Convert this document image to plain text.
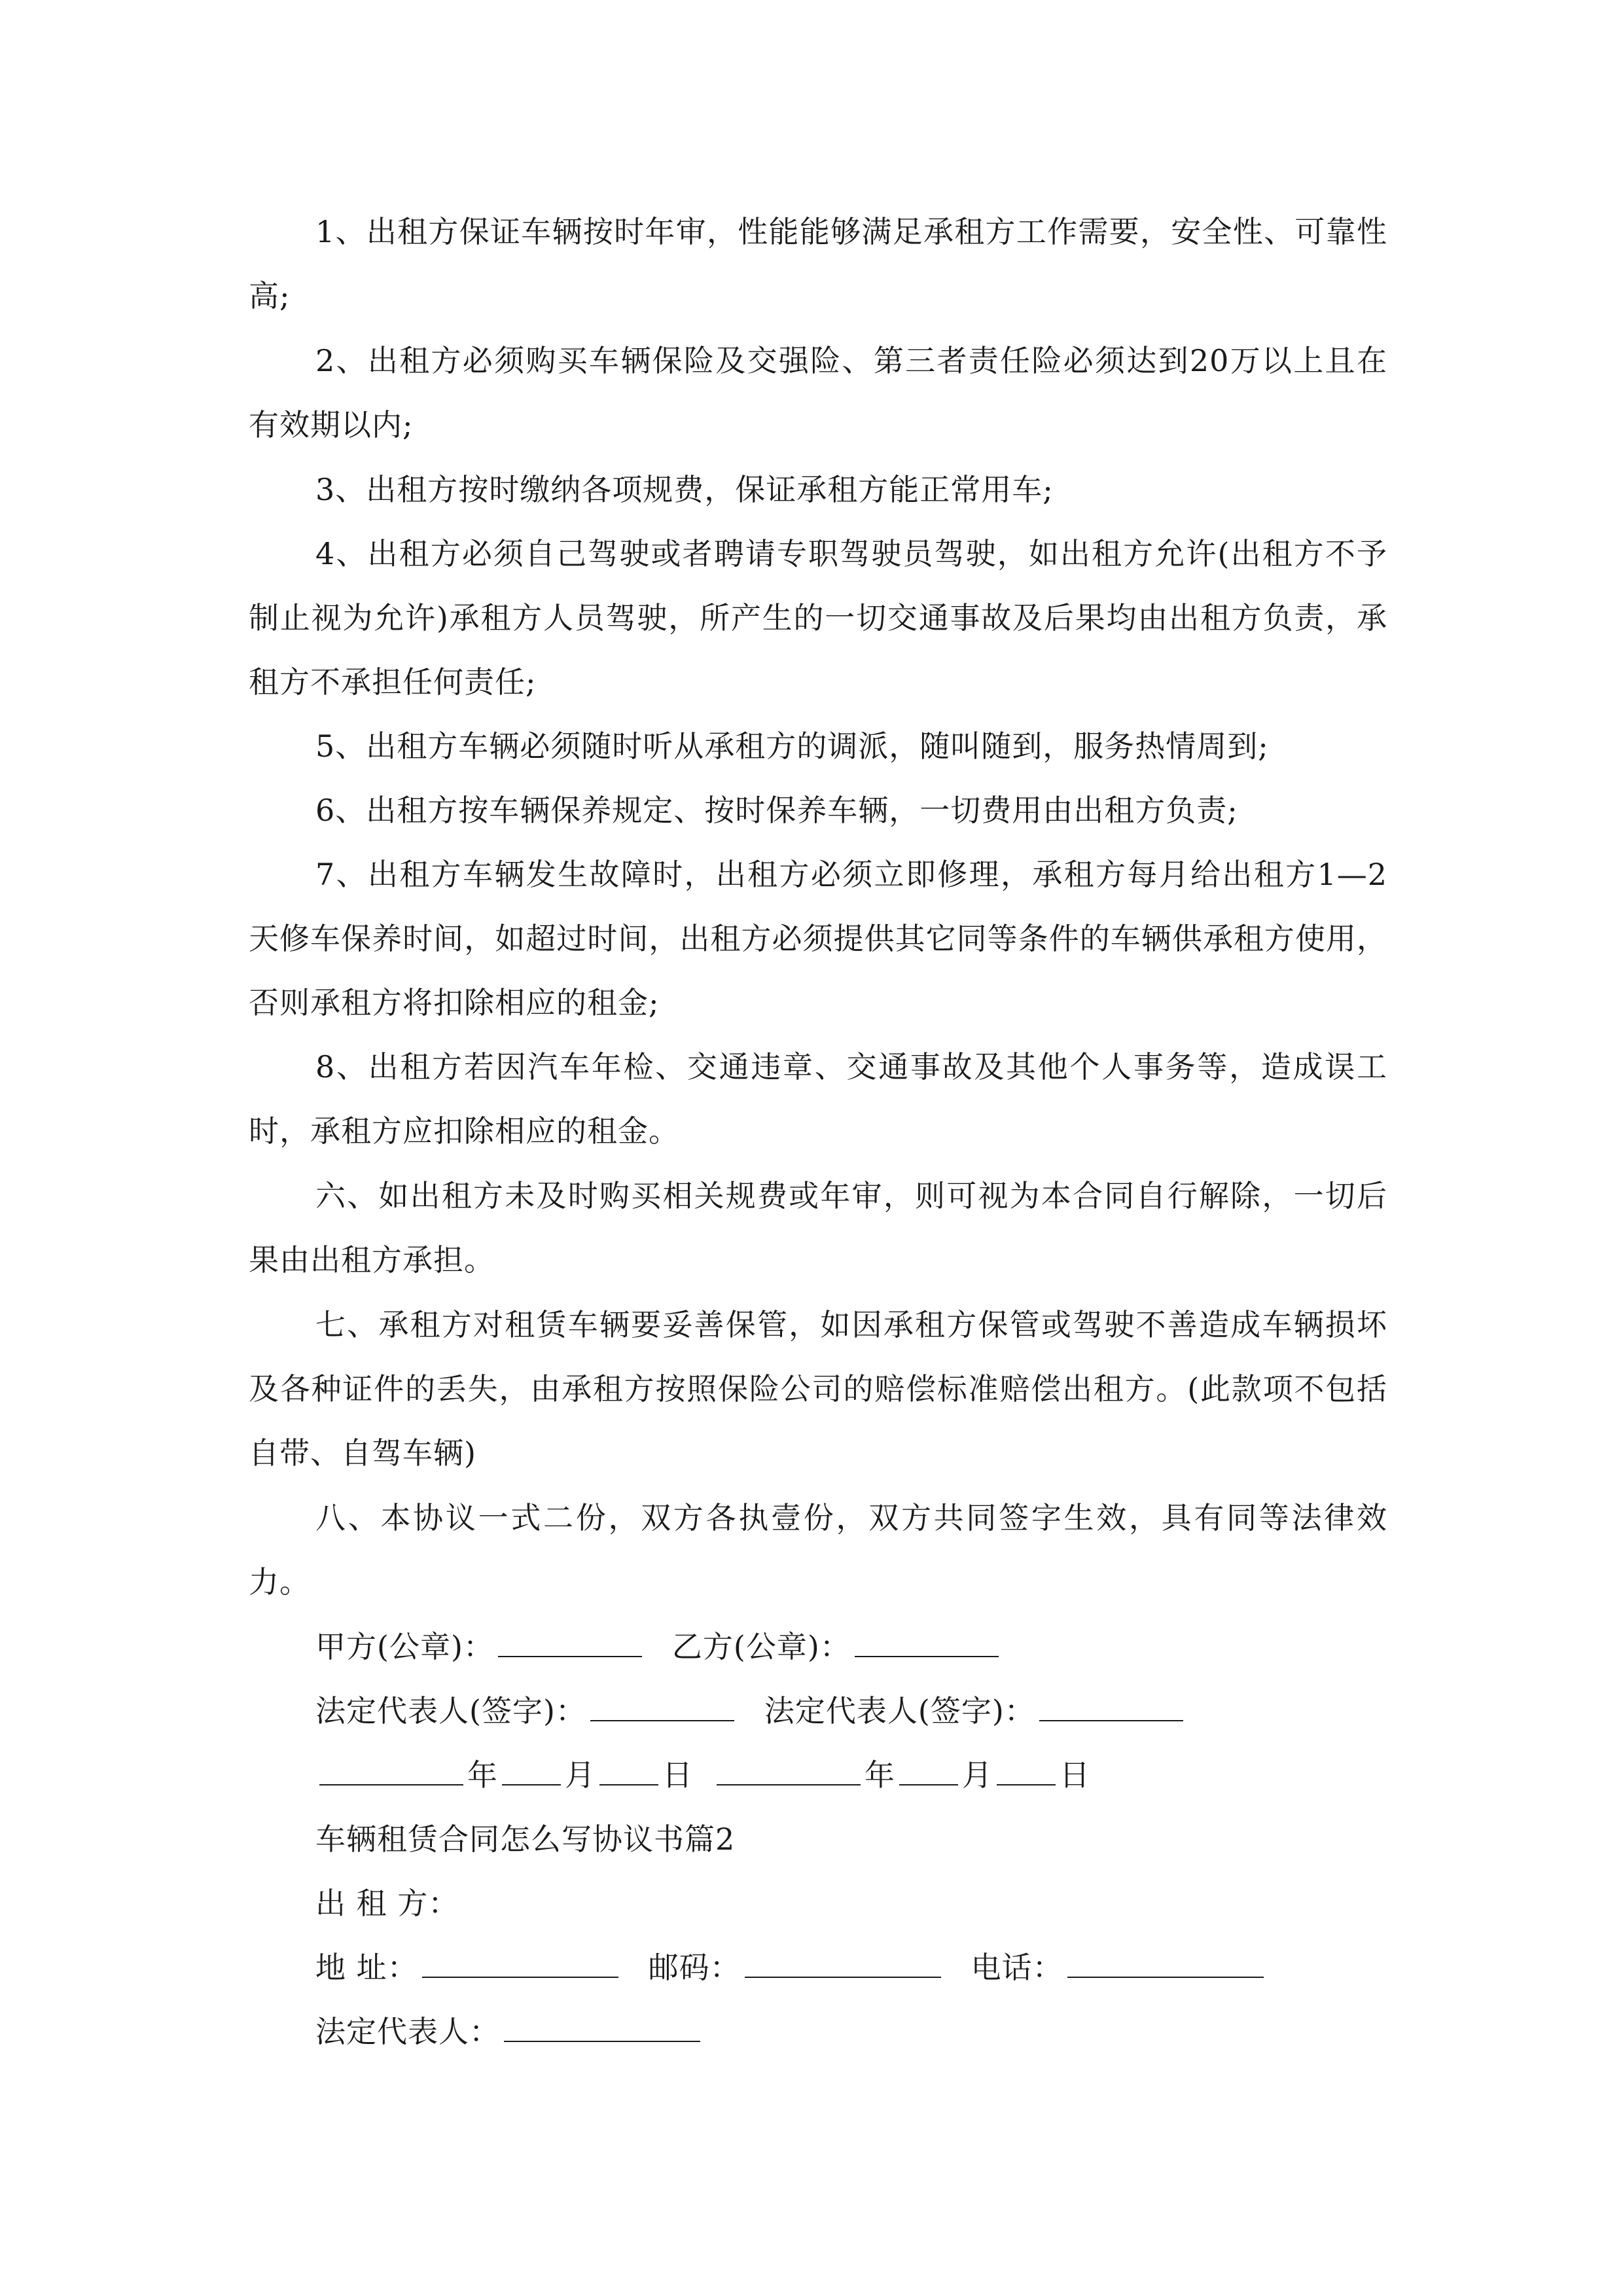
1、出租方保证车辆按时年审，性能能够满足承租方工作需要，安全性、可靠性高;

2、出租方必须购买车辆保险及交强险、第三者责任险必须达到20万以上且在有效期以内;

3、出租方按时缴纳各项规费，保证承租方能正常用车;

4、出租方必须自己驾驶或者聘请专职驾驶员驾驶，如出租方允许(出租方不予制止视为允许)承租方人员驾驶，所产生的一切交通事故及后果均由出租方负责，承租方不承担任何责任;

5、出租方车辆必须随时听从承租方的调派，随叫随到，服务热情周到;

6、出租方按车辆保养规定、按时保养车辆，一切费用由出租方负责;

7、出租方车辆发生故障时，出租方必须立即修理，承租方每月给出租方1—2天修车保养时间，如超过时间，出租方必须提供其它同等条件的车辆供承租方使用，否则承租方将扣除相应的租金;

8、出租方若因汽车年检、交通违章、交通事故及其他个人事务等，造成误工时，承租方应扣除相应的租金。

六、如出租方未及时购买相关规费或年审，则可视为本合同自行解除，一切后果由出租方承担。

七、承租方对租赁车辆要妥善保管，如因承租方保管或驾驶不善造成车辆损坏及各种证件的丢失，由承租方按照保险公司的赔偿标准赔偿出租方。(此款项不包括自带、自驾车辆)

八、本协议一式二份，双方各执壹份，双方共同签字生效，具有同等法律效力。

甲方(公章)：	乙方(公章)：
法定代表人(签字)：	法定代表人(签字)：
年 月 日	年 月 日
车辆租赁合同怎么写协议书篇2
出 租 方：
地 址：	邮码：	电话：
法定代表人：
